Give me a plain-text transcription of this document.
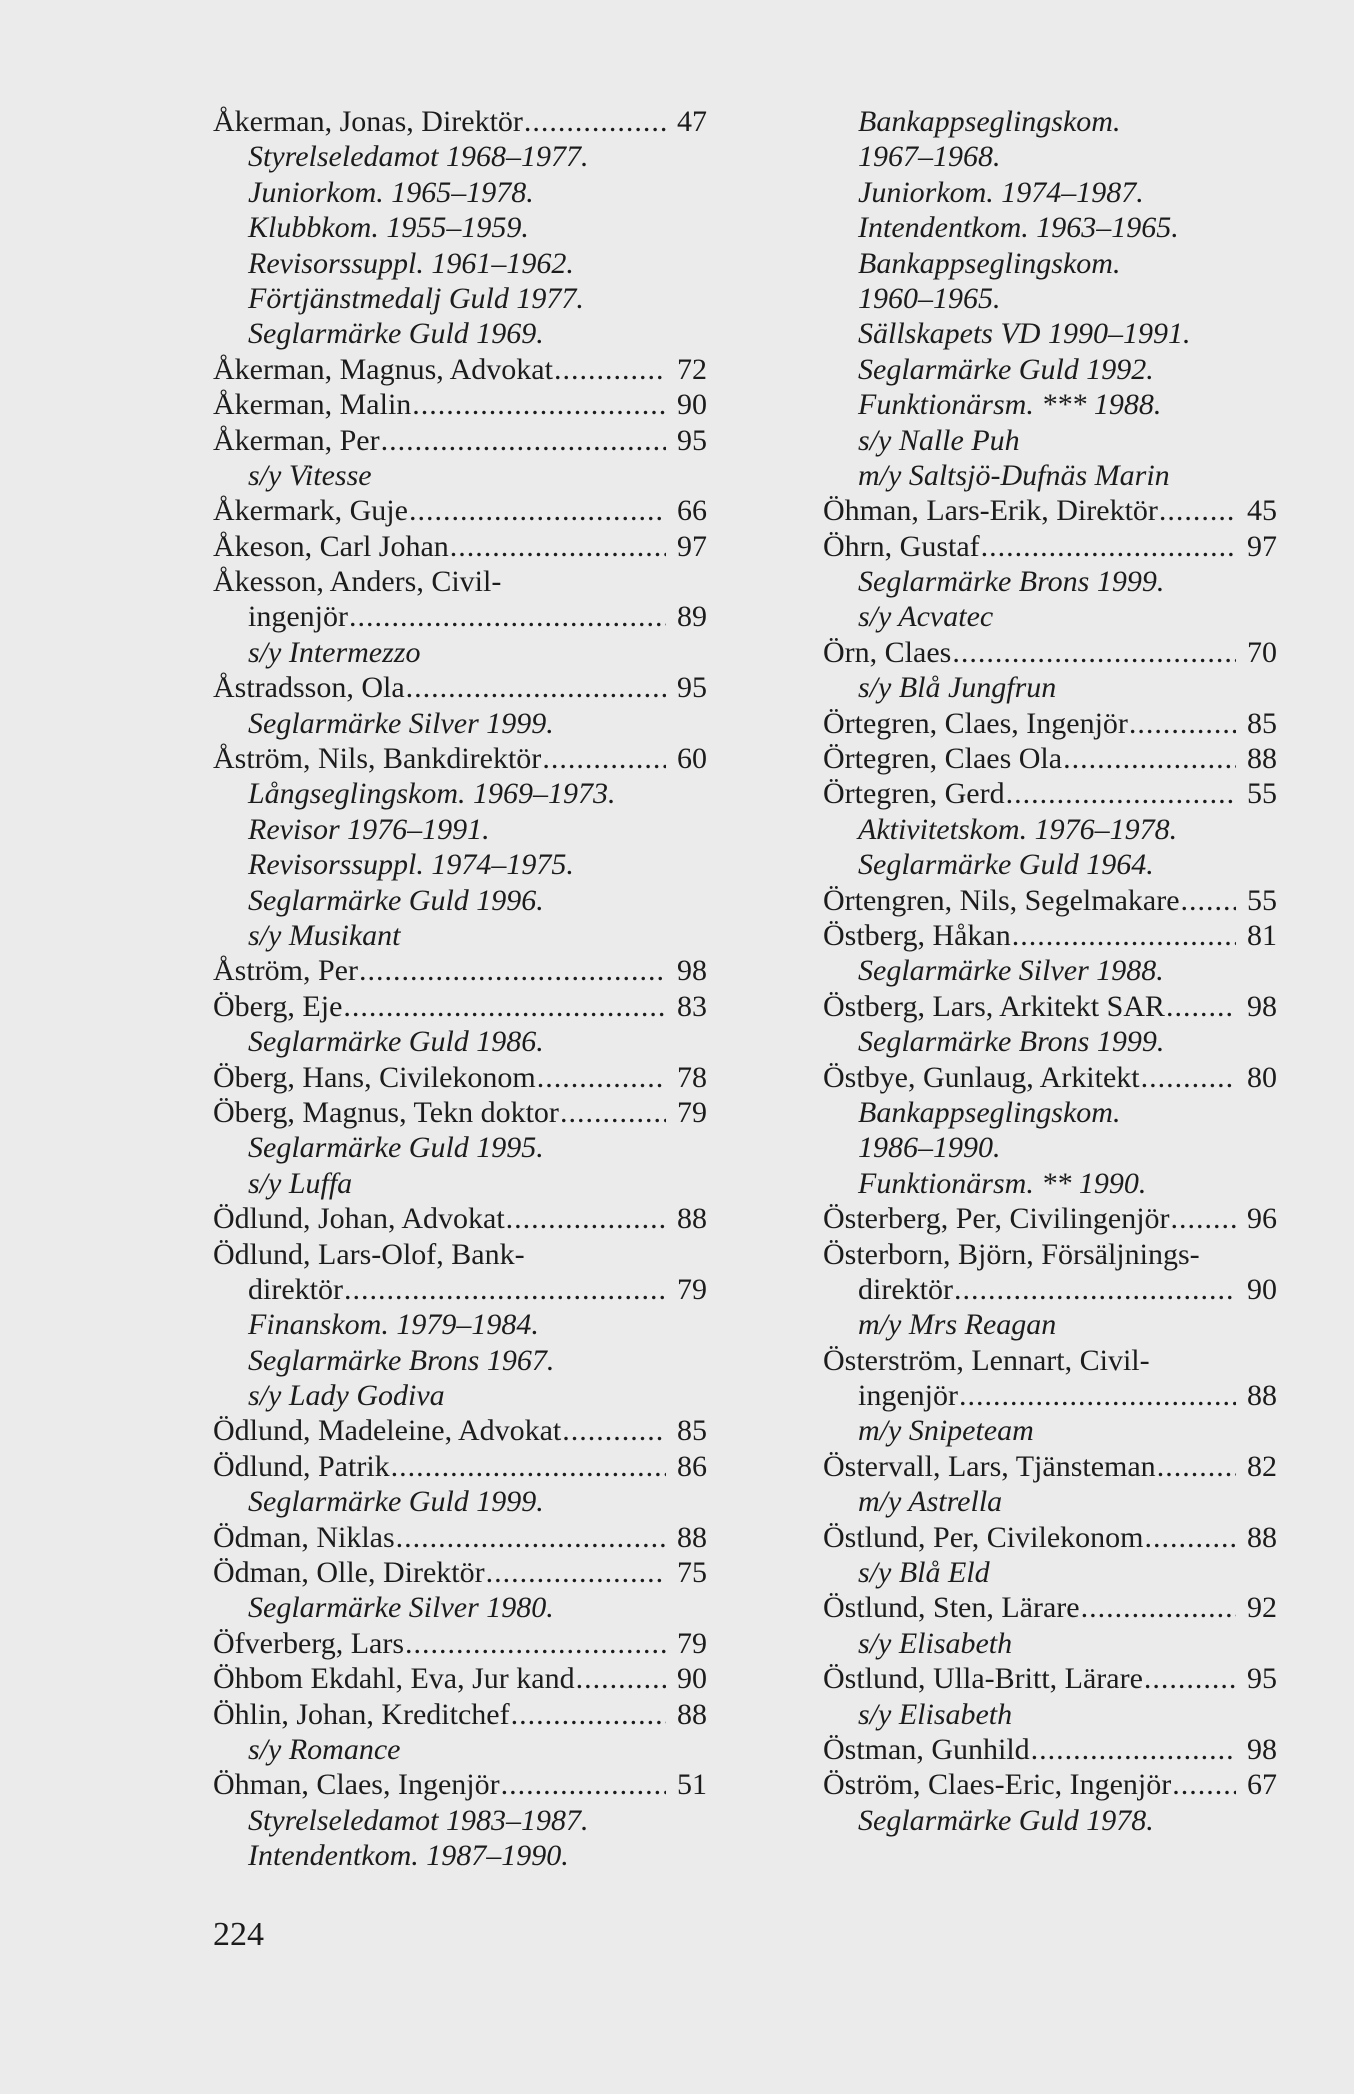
Åkerman, Jonas, Direktör .....	47
Styrelseledamot 1968–1977.
Juniorkom. 1965–1978.
Klubbkom. 1955–1959.
Revisorssuppl. 1961–1962.
Förtjänstmedalj Guld 1977.
Seglarmärke Guld 1969.
Åkerman, Magnus, Advokat .....	72
Åkerman, Malin .....	90
Åkerman, Per .....	95
s/y Vitesse
Åkermark, Guje .....	66
Åkeson, Carl Johan .....	97
Åkesson, Anders, Civil-
ingenjör .....	89
s/y Intermezzo
Åstradsson, Ola .....	95
Seglarmärke Silver 1999.
Åström, Nils, Bankdirektör .....	60
Långseglingskom. 1969–1973.
Revisor 1976–1991.
Revisorssuppl. 1974–1975.
Seglarmärke Guld 1996.
s/y Musikant
Åström, Per .....	98
Öberg, Eje .....	83
Seglarmärke Guld 1986.
Öberg, Hans, Civilekonom .....	78
Öberg, Magnus, Tekn doktor .....	79
Seglarmärke Guld 1995.
s/y Luffa
Ödlund, Johan, Advokat .....	88
Ödlund, Lars-Olof, Bank-
direktör .....	79
Finanskom. 1979–1984.
Seglarmärke Brons 1967.
s/y Lady Godiva
Ödlund, Madeleine, Advokat .....	85
Ödlund, Patrik .....	86
Seglarmärke Guld 1999.
Ödman, Niklas .....	88
Ödman, Olle, Direktör .....	75
Seglarmärke Silver 1980.
Öfverberg, Lars .....	79
Öhbom Ekdahl, Eva, Jur kand .....	90
Öhlin, Johan, Kreditchef .....	88
s/y Romance
Öhman, Claes, Ingenjör .....	51
Styrelseledamot 1983–1987.
Intendentkom. 1987–1990.
Bankappseglingskom.
1967–1968.
Juniorkom. 1974–1987.
Intendentkom. 1963–1965.
Bankappseglingskom.
1960–1965.
Sällskapets VD 1990–1991.
Seglarmärke Guld 1992.
Funktionärsm. *** 1988.
s/y Nalle Puh
m/y Saltsjö-Dufnäs Marin
Öhman, Lars-Erik, Direktör .....	45
Öhrn, Gustaf .....	97
Seglarmärke Brons 1999.
s/y Acvatec
Örn, Claes .....	70
s/y Blå Jungfrun
Örtegren, Claes, Ingenjör .....	85
Örtegren, Claes Ola .....	88
Örtegren, Gerd .....	55
Aktivitetskom. 1976–1978.
Seglarmärke Guld 1964.
Örtengren, Nils, Segelmakare ..... 55
Östberg, Håkan .....	81
Seglarmärke Silver 1988.
Östberg, Lars, Arkitekt SAR .....	98
Seglarmärke Brons 1999.
Östbye, Gunlaug, Arkitekt .....	80
Bankappseglingskom.
1986–1990.
Funktionärsm. ** 1990.
Österberg, Per, Civilingenjör .....	96
Österborn, Björn, Försäljnings-
direktör .....	90
m/y Mrs Reagan
Österström, Lennart, Civil-
ingenjör .....	88
m/y Snipeteam
Östervall, Lars, Tjänsteman .....	82
m/y Astrella
Östlund, Per, Civilekonom .....	88
s/y Blå Eld
Östlund, Sten, Lärare .....	92
s/y Elisabeth
Östlund, Ulla-Britt, Lärare .....	95
s/y Elisabeth
Östman, Gunhild .....	98
Öström, Claes-Eric, Ingenjör .....	67
Seglarmärke Guld 1978.
224
